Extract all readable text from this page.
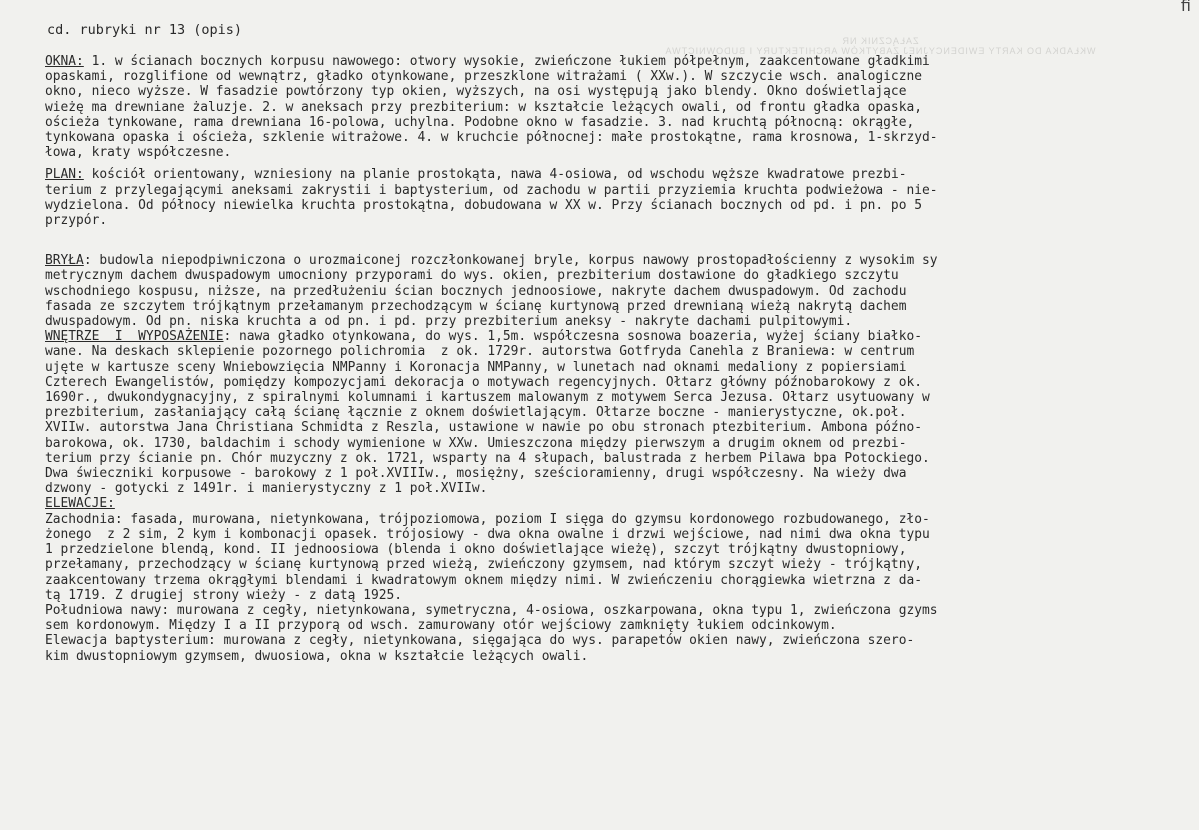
ZAŁĄCZNIK NR
WKŁADKA DO KARTY EWIDENCYJNEJ ZABYTKÓW ARCHITEKTURY I BUDOWNICTWA
ﬁ
cd. rubryki nr 13 (opis)

OKNA: 1. w ścianach bocznych korpusu nawowego: otwory wysokie, zwieńczone łukiem półpełnym, zaakcentowane gładkimi

opaskami, rozglifione od wewnątrz, gładko otynkowane, przeszklone witrażami ( XXw.). W szczycie wsch. analogiczne

okno, nieco wyższe. W fasadzie powtórzony typ okien, wyższych, na osi występują jako blendy. Okno doświetlające

wieżę ma drewniane żaluzje. 2. w aneksach przy prezbiterium: w kształcie leżących owali, od frontu gładka opaska,

ościeża tynkowane, rama drewniana 16-polowa, uchylna. Podobne okno w fasadzie. 3. nad kruchtą północną: okrągłe,

tynkowana opaska i ościeża, szklenie witrażowe. 4. w kruchcie północnej: małe prostokątne, rama krosnowa, 1-skrzyd-

łowa, kraty współczesne.

PLAN: kościół orientowany, wzniesiony na planie prostokąta, nawa 4-osiowa, od wschodu węższe kwadratowe prezbi-

terium z przylegającymi aneksami zakrystii i baptysterium, od zachodu w partii przyziemia kruchta podwieżowa - nie-

wydzielona. Od północy niewielka kruchta prostokątna, dobudowana w XX w. Przy ścianach bocznych od pd. i pn. po 5

przypór.

BRYŁA: budowla niepodpiwniczona o urozmaiconej rozczłonkowanej bryle, korpus nawowy prostopadłościenny z wysokim sy

metrycznym dachem dwuspadowym umocniony przyporami do wys. okien, prezbiterium dostawione do gładkiego szczytu

wschodniego kospusu, niższe, na przedłużeniu ścian bocznych jednoosiowe, nakryte dachem dwuspadowym. Od zachodu

fasada ze szczytem trójkątnym przełamanym przechodzącym w ścianę kurtynową przed drewnianą wieżą nakrytą dachem

dwuspadowym. Od pn. niska kruchta a od pn. i pd. przy prezbiterium aneksy - nakryte dachami pulpitowymi.

WNĘTRZE  I  WYPOSAŻENIE: nawa gładko otynkowana, do wys. 1,5m. współczesna sosnowa boazeria, wyżej ściany białko-

wane. Na deskach sklepienie pozornego polichromia  z ok. 1729r. autorstwa Gotfryda Canehla z Braniewa: w centrum

ujęte w kartusze sceny Wniebowzięcia NMPanny i Koronacja NMPanny, w lunetach nad oknami medaliony z popiersiami

Czterech Ewangelistów, pomiędzy kompozycjami dekoracja o motywach regencyjnych. Ołtarz główny późnobarokowy z ok.

1690r., dwukondygnacyjny, z spiralnymi kolumnami i kartuszem malowanym z motywem Serca Jezusa. Ołtarz usytuowany w

prezbiterium, zasłaniający całą ścianę łącznie z oknem doświetlającym. Ołtarze boczne - manierystyczne, ok.poł.

XVIIw. autorstwa Jana Christiana Schmidta z Reszla, ustawione w nawie po obu stronach ptezbiterium. Ambona późno-

barokowa, ok. 1730, baldachim i schody wymienione w XXw. Umieszczona między pierwszym a drugim oknem od prezbi-

terium przy ścianie pn. Chór muzyczny z ok. 1721, wsparty na 4 słupach, balustrada z herbem Pilawa bpa Potockiego.

Dwa świeczniki korpusowe - barokowy z 1 poł.XVIIIw., mosiężny, sześcioramienny, drugi współczesny. Na wieży dwa

dzwony - gotycki z 1491r. i manierystyczny z 1 poł.XVIIw.

ELEWACJE:

Zachodnia: fasada, murowana, nietynkowana, trójpoziomowa, poziom I sięga do gzymsu kordonowego rozbudowanego, zło-

żonego  z 2 sim, 2 kym i kombonacji opasek. trójosiowy - dwa okna owalne i drzwi wejściowe, nad nimi dwa okna typu

1 przedzielone blendą, kond. II jednoosiowa (blenda i okno doświetlające wieżę), szczyt trójkątny dwustopniowy,

przełamany, przechodzący w ścianę kurtynową przed wieżą, zwieńczony gzymsem, nad którym szczyt wieży - trójkątny,

zaakcentowany trzema okrągłymi blendami i kwadratowym oknem między nimi. W zwieńczeniu chorągiewka wietrzna z da-

tą 1719. Z drugiej strony wieży - z datą 1925.

Południowa nawy: murowana z cegły, nietynkowana, symetryczna, 4-osiowa, oszkarpowana, okna typu 1, zwieńczona gzyms

sem kordonowym. Między I a II przyporą od wsch. zamurowany otór wejściowy zamknięty łukiem odcinkowym.

Elewacja baptysterium: murowana z cegły, nietynkowana, sięgająca do wys. parapetów okien nawy, zwieńczona szero-

kim dwustopniowym gzymsem, dwuosiowa, okna w kształcie leżących owali.
